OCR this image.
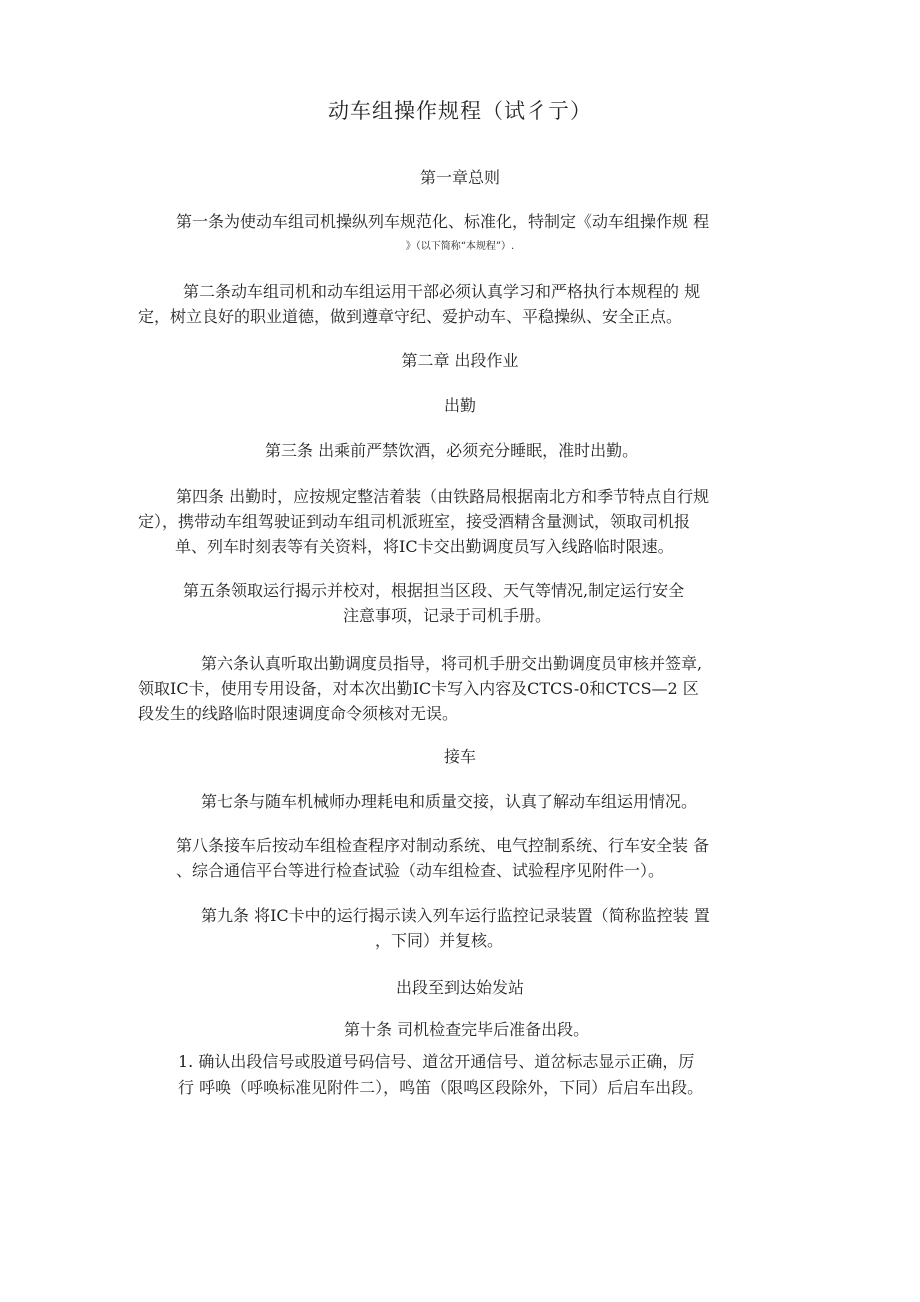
动车组操作规程（试彳亍）
第一章总则
第一条为使动车组司机操纵列车规范化、标准化，特制定《动车组操作规 程
》（以下简称“本规程”）.
第二条动车组司机和动车组运用干部必须认真学习和严格执行本规程的 规
定，树立良好的职业道德，做到遵章守纪、爱护动车、平稳操纵、安全正点。
第二章 出段作业
出勤
第三条 出乘前严禁饮酒，必须充分睡眠，准时出勤。
第四条 出勤时，应按规定整洁着装（由铁路局根据南北方和季节特点自行规
定），携带动车组驾驶证到动车组司机派班室，接受酒精含量测试，领取司机报
单、列车时刻表等有关资料，将IC卡交出勤调度员写入线路临时限速。
第五条领取运行揭示并校对，根据担当区段、天气等情况,制定运行安全
注意事项，记录于司机手册。
第六条认真听取出勤调度员指导，将司机手册交出勤调度员审核并签章,
领取IC卡，使用专用设备，对本次出勤IC卡写入内容及CTCS-0和CTCS—2 区
段发生的线路临时限速调度命令须核对无误。
接车
第七条与随车机械师办理耗电和质量交接，认真了解动车组运用情况。
第八条接车后按动车组检查程序对制动系统、电气控制系统、行车安全装 备
、综合通信平台等进行检查试验（动车组检查、试验程序见附件一）。
第九条 将IC卡中的运行揭示读入列车运行监控记录装置（简称监控装 置
，下同）并复核。
出段至到达始发站
第十条 司机检查完毕后准备出段。
1. 确认出段信号或股道号码信号、道岔开通信号、道岔标志显示正确，厉
行 呼唤（呼唤标准见附件二），鸣笛（限鸣区段除外，下同）后启车出段。
